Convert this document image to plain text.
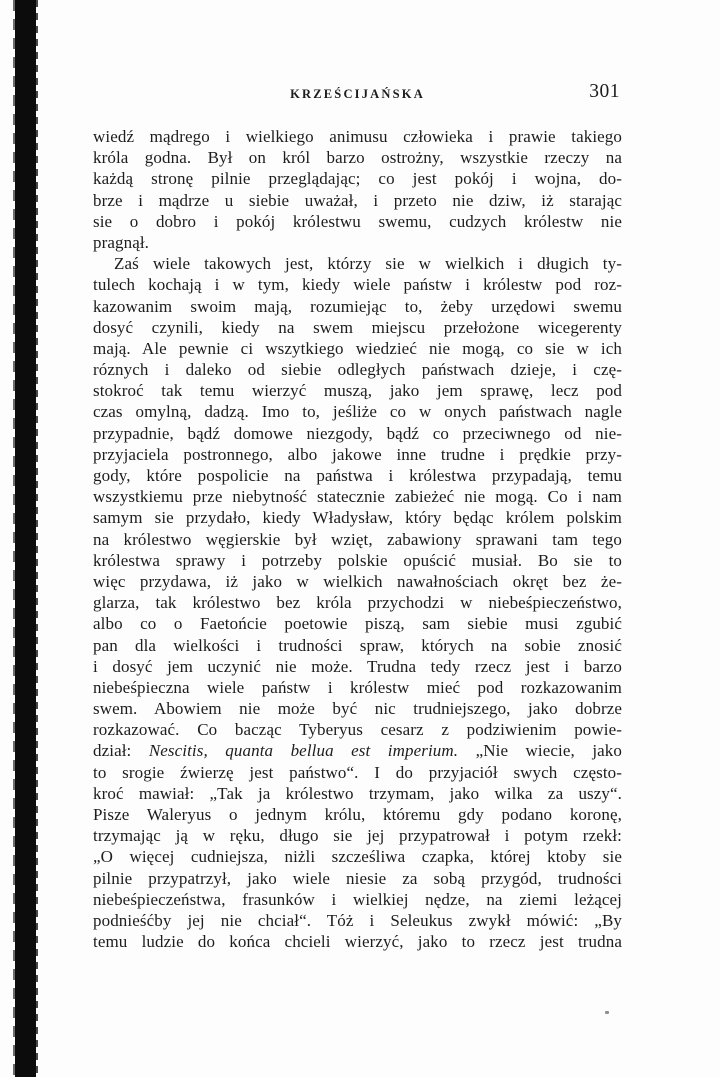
KRZEŚCIJAŃSKA	301
wiedź mądrego i wielkiego animusu człowieka i prawie takiego
króla godna. Był on król barzo ostrożny, wszystkie rzeczy na
każdą stronę pilnie przeglądając; co jest pokój i wojna, do-
brze i mądrze u siebie uważał, i przeto nie dziw, iż starając
sie o dobro i pokój królestwu swemu, cudzych królestw nie
pragnął.
Zaś wiele takowych jest, którzy sie w wielkich i długich ty-
tulech kochają i w tym, kiedy wiele państw i królestw pod roz-
kazowanim swoim mają, rozumiejąc to, żeby urzędowi swemu
dosyć czynili, kiedy na swem miejscu przełożone wicegerenty
mają. Ale pewnie ci wszytkiego wiedzieć nie mogą, co sie w ich
róznych i daleko od siebie odległych państwach dzieje, i czę-
stokroć tak temu wierzyć muszą, jako jem sprawę, lecz pod
czas omylną, dadzą. Imo to, jeśliże co w onych państwach nagle
przypadnie, bądź domowe niezgody, bądź co przeciwnego od nie-
przyjaciela postronnego, albo jakowe inne trudne i prędkie przy-
gody, które pospolicie na państwa i królestwa przypadają, temu
wszystkiemu prze niebytność statecznie zabieżeć nie mogą. Co i nam
samym sie przydało, kiedy Władysław, który będąc królem polskim
na królestwo węgierskie był wzięt, zabawiony sprawani tam tego
królestwa sprawy i potrzeby polskie opuścić musiał. Bo sie to
więc przydawa, iż jako w wielkich nawałnościach okręt bez że-
glarza, tak królestwo bez króla przychodzi w niebeśpieczeństwo,
albo co o Faetońcie poetowie piszą, sam siebie musi zgubić
pan dla wielkości i trudności spraw, których na sobie znosić
i dosyć jem uczynić nie może. Trudna tedy rzecz jest i barzo
niebeśpieczna wiele państw i królestw mieć pod rozkazowanim
swem. Abowiem nie może być nic trudniejszego, jako dobrze
rozkazować. Co bacząc Tyberyus cesarz z podziwienim powie-
dział: Nescitis, quanta bellua est imperium. „Nie wiecie, jako
to srogie źwierzę jest państwo“. I do przyjaciół swych często-
kroć mawiał: „Tak ja królestwo trzymam, jako wilka za uszy“.
Pisze Waleryus o jednym królu, któremu gdy podano koronę,
trzymając ją w ręku, długo sie jej przypatrował i potym rzekł:
„O więcej cudniejsza, niżli szcześliwa czapka, której ktoby sie
pilnie przypatrzył, jako wiele niesie za sobą przygód, trudności
niebeśpieczeństwa, frasunków i wielkiej nędze, na ziemi leżącej
podnieśćby jej nie chciał“. Tóż i Seleukus zwykł mówić: „By
temu ludzie do końca chcieli wierzyć, jako to rzecz jest trudna
